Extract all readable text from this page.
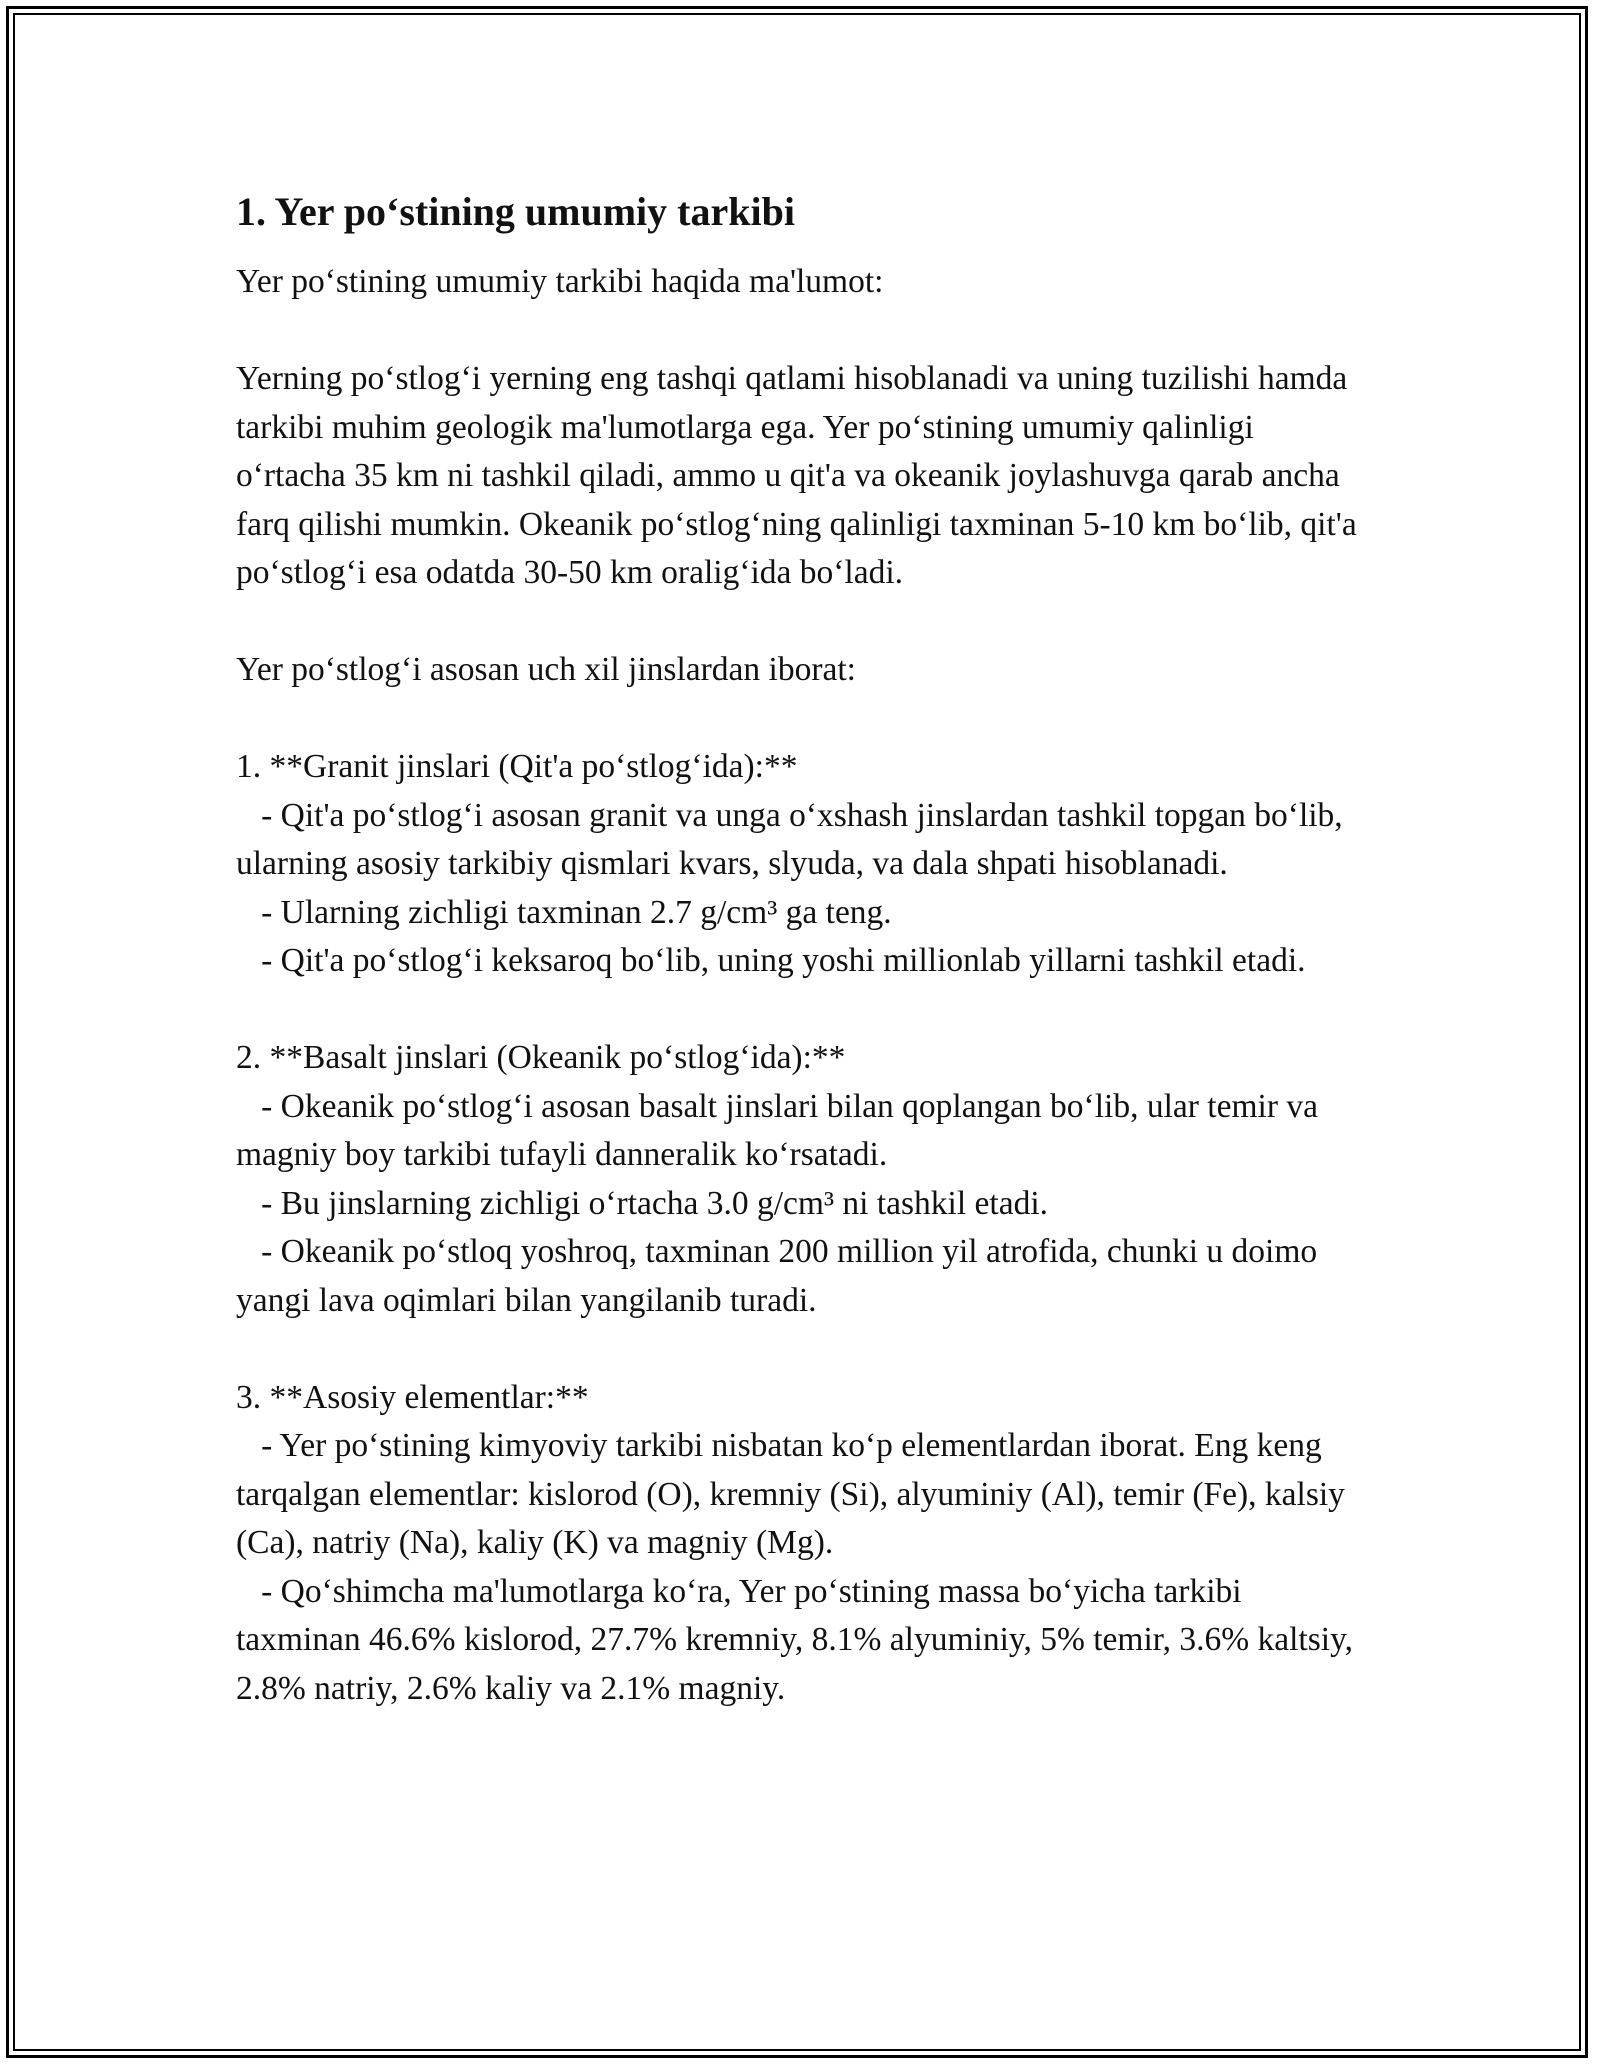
1. Yer po‘stining umumiy tarkibi

Yer po‘stining umumiy tarkibi haqida ma'lumot:

Yerning po‘stlog‘i yerning eng tashqi qatlami hisoblanadi va uning tuzilishi hamda tarkibi muhim geologik ma'lumotlarga ega. Yer po‘stining umumiy qalinligi o‘rtacha 35 km ni tashkil qiladi, ammo u qit'a va okeanik joylashuvga qarab ancha farq qilishi mumkin. Okeanik po‘stlog‘ning qalinligi taxminan 5-10 km bo‘lib, qit'a po‘stlog‘i esa odatda 30-50 km oralig‘ida bo‘ladi.

Yer po‘stlog‘i asosan uch xil jinslardan iborat:

1. **Granit jinslari (Qit'a po‘stlog‘ida):**

- Qit'a po‘stlog‘i asosan granit va unga o‘xshash jinslardan tashkil topgan bo‘lib, ularning asosiy tarkibiy qismlari kvars, slyuda, va dala shpati hisoblanadi.

- Ularning zichligi taxminan 2.7 g/cm³ ga teng.

- Qit'a po‘stlog‘i keksaroq bo‘lib, uning yoshi millionlab yillarni tashkil etadi.

2. **Basalt jinslari (Okeanik po‘stlog‘ida):**

- Okeanik po‘stlog‘i asosan basalt jinslari bilan qoplangan bo‘lib, ular temir va magniy boy tarkibi tufayli danneralik ko‘rsatadi.

- Bu jinslarning zichligi o‘rtacha 3.0 g/cm³ ni tashkil etadi.

- Okeanik po‘stloq yoshroq, taxminan 200 million yil atrofida, chunki u doimo yangi lava oqimlari bilan yangilanib turadi.

3. **Asosiy elementlar:**

- Yer po‘stining kimyoviy tarkibi nisbatan ko‘p elementlardan iborat. Eng keng tarqalgan elementlar: kislorod (O), kremniy (Si), alyuminiy (Al), temir (Fe), kalsiy (Ca), natriy (Na), kaliy (K) va magniy (Mg).

- Qo‘shimcha ma'lumotlarga ko‘ra, Yer po‘stining massa bo‘yicha tarkibi taxminan 46.6% kislorod, 27.7% kremniy, 8.1% alyuminiy, 5% temir, 3.6% kaltsiy, 2.8% natriy, 2.6% kaliy va 2.1% magniy.
